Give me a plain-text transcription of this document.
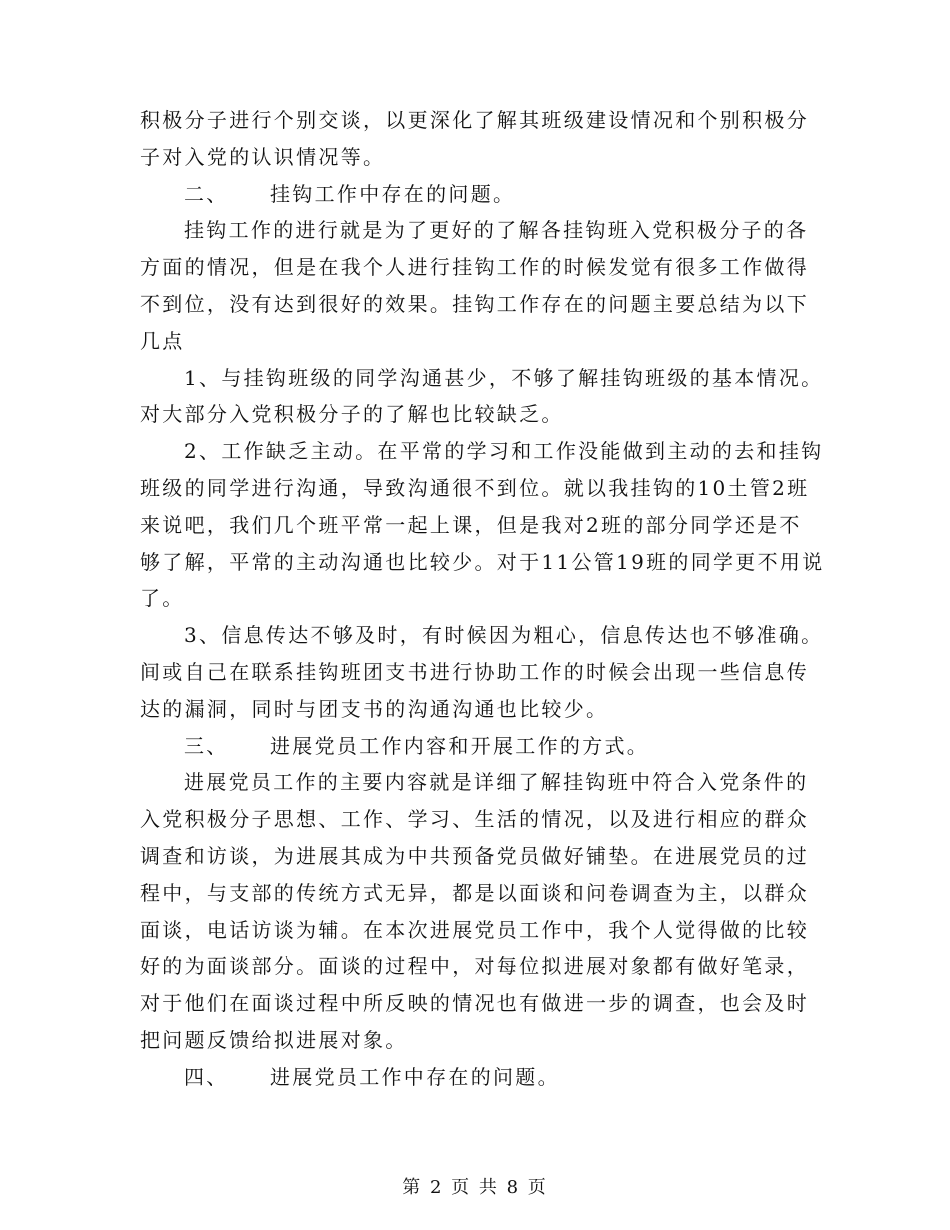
积极分子进行个别交谈，以更深化了解其班级建设情况和个别积极分
子对入党的认识情况等。
二、 挂钩工作中存在的问题。
挂钩工作的进行就是为了更好的了解各挂钩班入党积极分子的各
方面的情况，但是在我个人进行挂钩工作的时候发觉有很多工作做得
不到位，没有达到很好的效果。挂钩工作存在的问题主要总结为以下
几点
1、与挂钩班级的同学沟通甚少，不够了解挂钩班级的基本情况。
对大部分入党积极分子的了解也比较缺乏。
2、工作缺乏主动。在平常的学习和工作没能做到主动的去和挂钩
班级的同学进行沟通，导致沟通很不到位。就以我挂钩的10土管2班
来说吧，我们几个班平常一起上课，但是我对2班的部分同学还是不
够了解，平常的主动沟通也比较少。对于11公管19班的同学更不用说
了。
3、信息传达不够及时，有时候因为粗心，信息传达也不够准确。
间或自己在联系挂钩班团支书进行协助工作的时候会出现一些信息传
达的漏洞，同时与团支书的沟通沟通也比较少。
三、 进展党员工作内容和开展工作的方式。
进展党员工作的主要内容就是详细了解挂钩班中符合入党条件的
入党积极分子思想、工作、学习、生活的情况，以及进行相应的群众
调查和访谈，为进展其成为中共预备党员做好铺垫。在进展党员的过
程中，与支部的传统方式无异，都是以面谈和问卷调查为主，以群众
面谈，电话访谈为辅。在本次进展党员工作中，我个人觉得做的比较
好的为面谈部分。面谈的过程中，对每位拟进展对象都有做好笔录，
对于他们在面谈过程中所反映的情况也有做进一步的调查，也会及时
把问题反馈给拟进展对象。
四、 进展党员工作中存在的问题。
第 2 页 共 8 页
